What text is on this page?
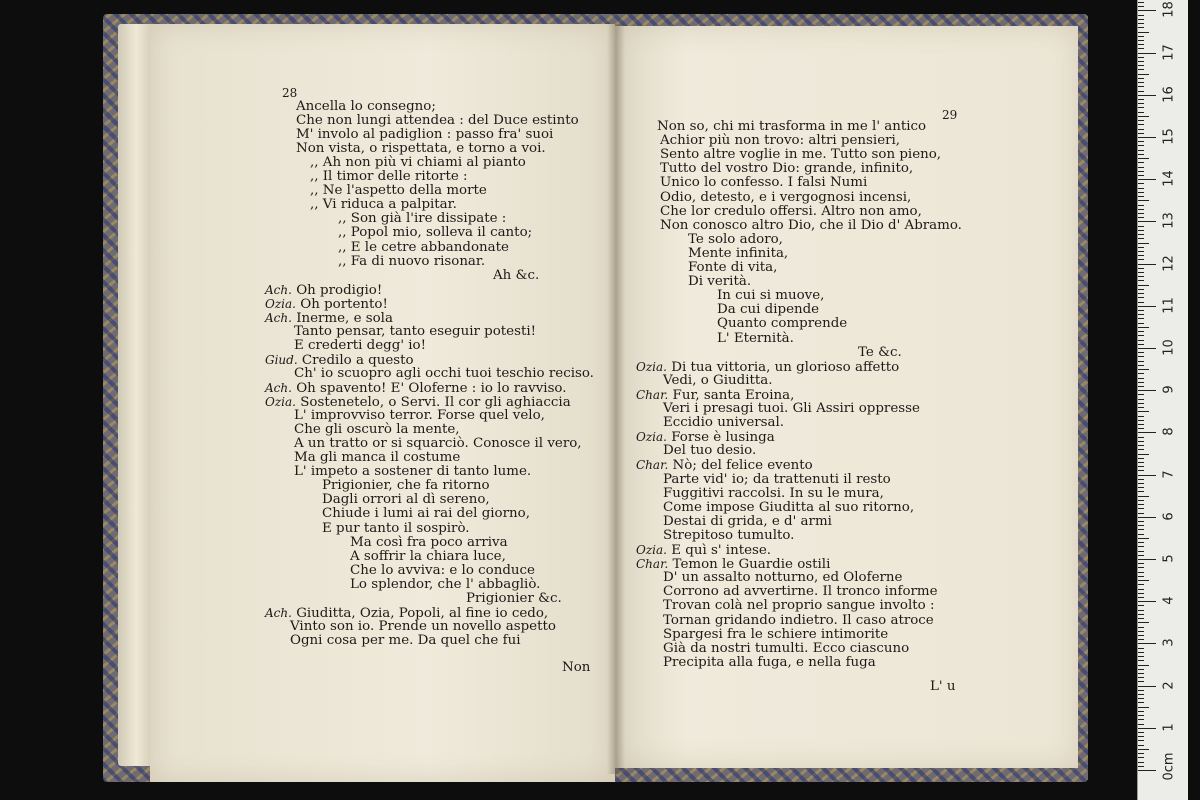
28
29
Ancella lo consegno;
Che non lungi attendea : del Duce estinto
M' involo al padiglion : passo fra' suoi
Non vista, o rispettata, e torno a voi.
,, Ah non più vi chiami al pianto
,, Il timor delle ritorte :
,, Ne l'aspetto della morte
,, Vi riduca a palpitar.
,, Son già l'ire dissipate :
,, Popol mio, solleva il canto;
,, E le cetre abbandonate
,, Fa di nuovo risonar.
Ah &c.
Ach. Oh prodigio!
Ozia. Oh portento!
Ach. Inerme, e sola
Tanto pensar, tanto eseguir potesti!
E crederti degg' io!
Giud. Credilo a questo
Ch' io scuopro agli occhi tuoi teschio reciso.
Ach. Oh spavento! E' Oloferne : io lo ravviso.
Ozia. Sostenetelo, o Servi. Il cor gli aghiaccia
L' improvviso terror. Forse quel velo,
Che gli oscurò la mente,
A un tratto or si squarciò. Conosce il vero,
Ma gli manca il costume
L' impeto a sostener di tanto lume.
Prigionier, che fa ritorno
Dagli orrori al dì sereno,
Chiude i lumi ai rai del giorno,
E pur tanto il sospirò.
Ma così fra poco arriva
A soffrir la chiara luce,
Che lo avviva: e lo conduce
Lo splendor, che l' abbagliò.
Prigionier &c.
Ach. Giuditta, Ozia, Popoli, al fine io cedo,
Vinto son io. Prende un novello aspetto
Ogni cosa per me. Da quel che fui
Non so, chi mi trasforma in me l' antico
Achior più non trovo: altri pensieri,
Sento altre voglie in me. Tutto son pieno,
Tutto del vostro Dio: grande, infinito,
Unico lo confesso. I falsi Numi
Odio, detesto, e i vergognosi incensi,
Che lor credulo offersi. Altro non amo,
Non conosco altro Dio, che il Dio d' Abramo.
Te solo adoro,
Mente infinita,
Fonte di vita,
Di verità.
In cui si muove,
Da cui dipende
Quanto comprende
L' Eternità.
Te &c.
Ozia. Di tua vittoria, un glorioso affetto
Vedi, o Giuditta.
Char. Fur, santa Eroina,
Veri i presagi tuoi. Gli Assiri oppresse
Eccidio universal.
Ozia. Forse è lusinga
Del tuo desio.
Char. Nò; del felice evento
Parte vid' io; da trattenuti il resto
Fuggitivi raccolsi. In su le mura,
Come impose Giuditta al suo ritorno,
Destai di grida, e d' armi
Strepitoso tumulto.
Ozia. E quì s' intese.
Char. Temon le Guardie ostili
D' un assalto notturno, ed Oloferne
Corrono ad avvertirne. Il tronco informe
Trovan colà nel proprio sangue involto :
Tornan gridando indietro. Il caso atroce
Spargesi fra le schiere intimorite
Già da nostri tumulti. Ecco ciascuno
Precipita alla fuga, e nella fuga
Non
L' u
0cm
1
2
3
4
5
6
7
8
9
10
11
12
13
14
15
16
17
18
